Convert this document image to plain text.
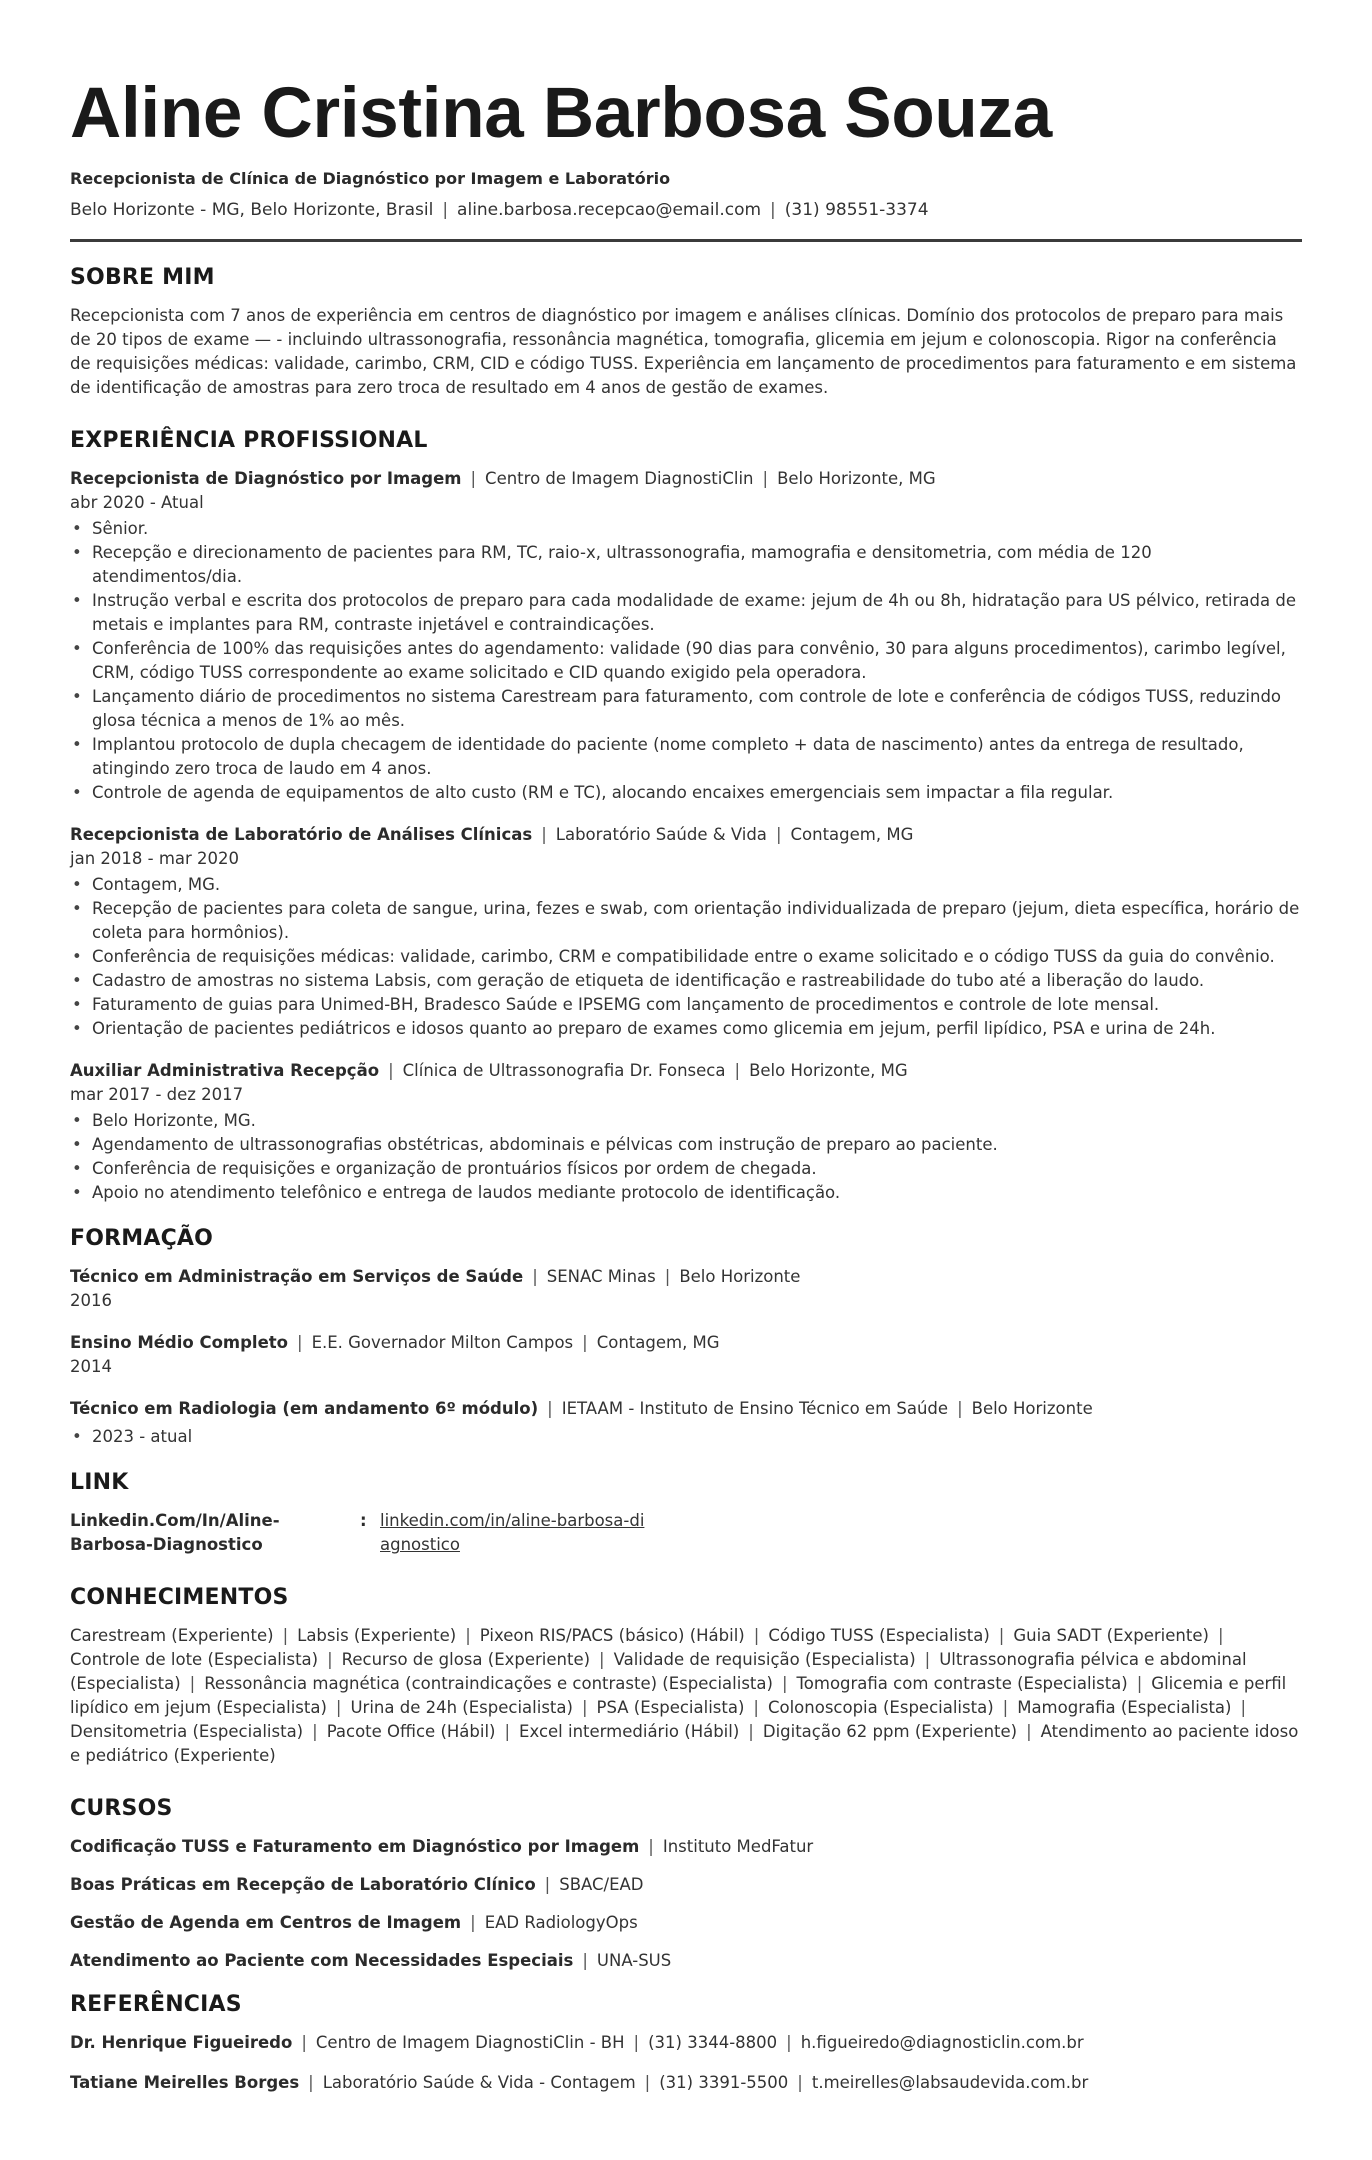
Aline Cristina Barbosa Souza
Recepcionista de Clínica de Diagnóstico por Imagem e Laboratório
Belo Horizonte - MG, Belo Horizonte, Brasil | aline.barbosa.recepcao@email.com | (31) 98551-3374
SOBRE MIM
Recepcionista com 7 anos de experiência em centros de diagnóstico por imagem e análises clínicas. Domínio dos protocolos de preparo para mais de 20 tipos de exame — - incluindo ultrassonografia, ressonância magnética, tomografia, glicemia em jejum e colonoscopia. Rigor na conferência de requisições médicas: validade, carimbo, CRM, CID e código TUSS. Experiência em lançamento de procedimentos para faturamento e em sistema de identificação de amostras para zero troca de resultado em 4 anos de gestão de exames.
EXPERIÊNCIA PROFISSIONAL
Recepcionista de Diagnóstico por Imagem | Centro de Imagem DiagnostiClin | Belo Horizonte, MG
abr 2020 - Atual
• Sênior.
• Recepção e direcionamento de pacientes para RM, TC, raio-x, ultrassonografia, mamografia e densitometria, com média de 120 atendimentos/dia.
• Instrução verbal e escrita dos protocolos de preparo para cada modalidade de exame: jejum de 4h ou 8h, hidratação para US pélvico, retirada de metais e implantes para RM, contraste injetável e contraindicações.
• Conferência de 100% das requisições antes do agendamento: validade (90 dias para convênio, 30 para alguns procedimentos), carimbo legível, CRM, código TUSS correspondente ao exame solicitado e CID quando exigido pela operadora.
• Lançamento diário de procedimentos no sistema Carestream para faturamento, com controle de lote e conferência de códigos TUSS, reduzindo glosa técnica a menos de 1% ao mês.
• Implantou protocolo de dupla checagem de identidade do paciente (nome completo + data de nascimento) antes da entrega de resultado, atingindo zero troca de laudo em 4 anos.
• Controle de agenda de equipamentos de alto custo (RM e TC), alocando encaixes emergenciais sem impactar a fila regular.
Recepcionista de Laboratório de Análises Clínicas | Laboratório Saúde & Vida | Contagem, MG
jan 2018 - mar 2020
• Contagem, MG.
• Recepção de pacientes para coleta de sangue, urina, fezes e swab, com orientação individualizada de preparo (jejum, dieta específica, horário de coleta para hormônios).
• Conferência de requisições médicas: validade, carimbo, CRM e compatibilidade entre o exame solicitado e o código TUSS da guia do convênio.
• Cadastro de amostras no sistema Labsis, com geração de etiqueta de identificação e rastreabilidade do tubo até a liberação do laudo.
• Faturamento de guias para Unimed-BH, Bradesco Saúde e IPSEMG com lançamento de procedimentos e controle de lote mensal.
• Orientação de pacientes pediátricos e idosos quanto ao preparo de exames como glicemia em jejum, perfil lipídico, PSA e urina de 24h.
Auxiliar Administrativa Recepção | Clínica de Ultrassonografia Dr. Fonseca | Belo Horizonte, MG
mar 2017 - dez 2017
• Belo Horizonte, MG.
• Agendamento de ultrassonografias obstétricas, abdominais e pélvicas com instrução de preparo ao paciente.
• Conferência de requisições e organização de prontuários físicos por ordem de chegada.
• Apoio no atendimento telefônico e entrega de laudos mediante protocolo de identificação.
FORMAÇÃO
Técnico em Administração em Serviços de Saúde | SENAC Minas | Belo Horizonte
2016
Ensino Médio Completo | E.E. Governador Milton Campos | Contagem, MG
2014
Técnico em Radiologia (em andamento 6º módulo) | IETAAM - Instituto de Ensino Técnico em Saúde | Belo Horizonte
• 2023 - atual
LINK
Linkedin.Com/In/Aline-Barbosa-Diagnostico
: linkedin.com/in/aline-barbosa-diagnostico
CONHECIMENTOS
Carestream (Experiente) | Labsis (Experiente) | Pixeon RIS/PACS (básico) (Hábil) | Código TUSS (Especialista) | Guia SADT (Experiente) |Controle de lote (Especialista) | Recurso de glosa (Experiente) | Validade de requisição (Especialista) | Ultrassonografia pélvica e abdominal (Especialista) | Ressonância magnética (contraindicações e contraste) (Especialista) | Tomografia com contraste (Especialista) | Glicemia e perfil lipídico em jejum (Especialista) | Urina de 24h (Especialista) | PSA (Especialista) | Colonoscopia (Especialista) | Mamografia (Especialista) |Densitometria (Especialista) | Pacote Office (Hábil) | Excel intermediário (Hábil) | Digitação 62 ppm (Experiente) | Atendimento ao paciente idoso e pediátrico (Experiente)
CURSOS
Codificação TUSS e Faturamento em Diagnóstico por Imagem | Instituto MedFatur
Boas Práticas em Recepção de Laboratório Clínico | SBAC/EAD
Gestão de Agenda em Centros de Imagem | EAD RadiologyOps
Atendimento ao Paciente com Necessidades Especiais | UNA-SUS
REFERÊNCIAS
Dr. Henrique Figueiredo | Centro de Imagem DiagnostiClin - BH | (31) 3344-8800 | h.figueiredo@diagnosticlin.com.br
Tatiane Meirelles Borges | Laboratório Saúde & Vida - Contagem | (31) 3391-5500 | t.meirelles@labsaudevida.com.br
